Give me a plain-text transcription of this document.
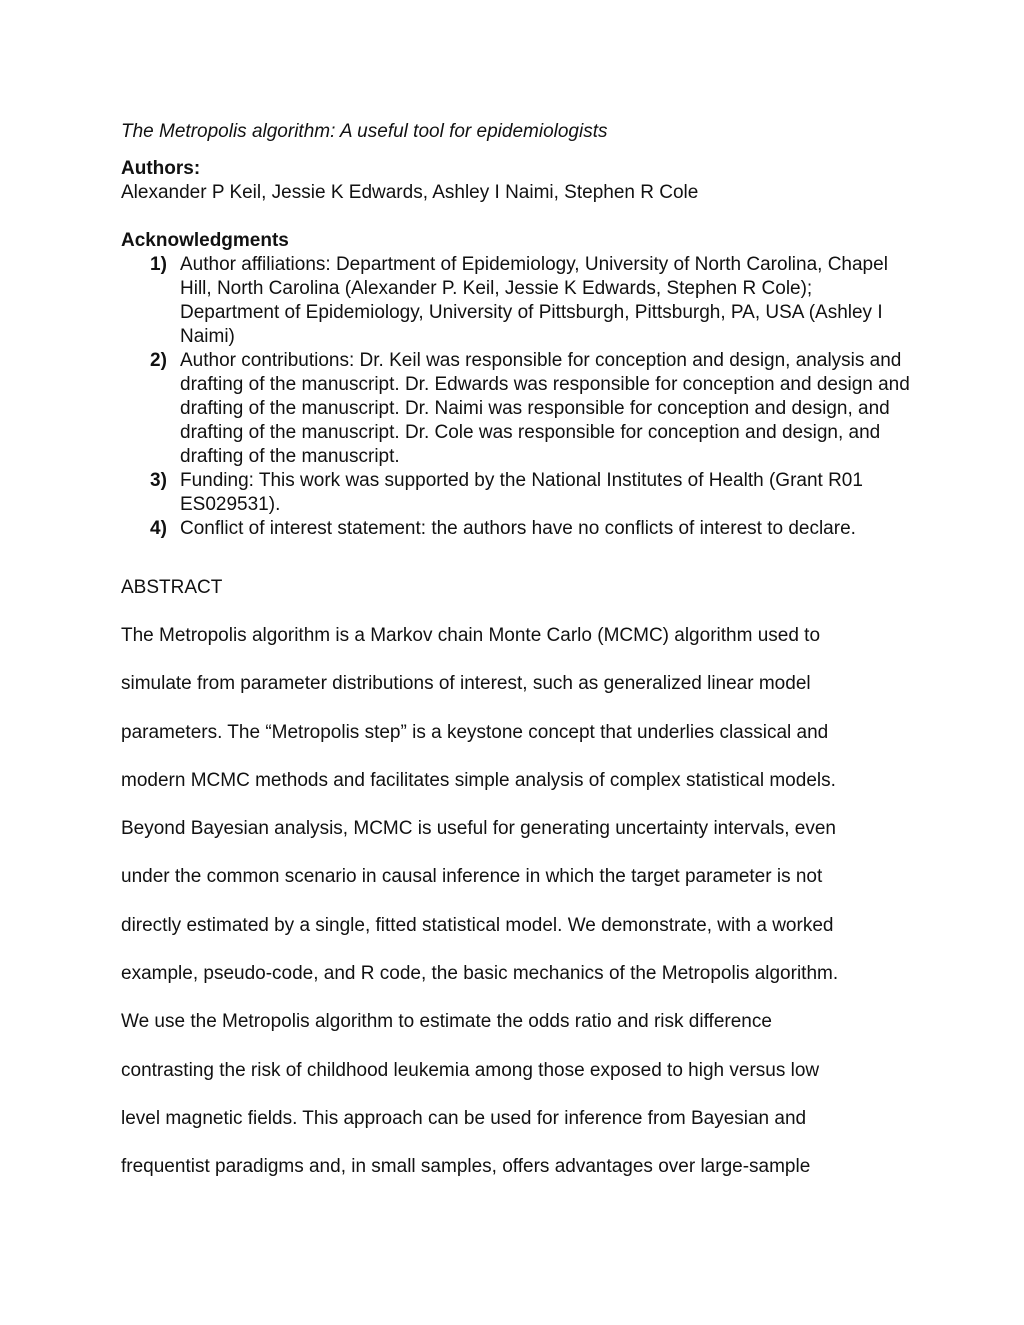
The Metropolis algorithm: A useful tool for epidemiologists

Authors:

Alexander P Keil, Jessie K Edwards, Ashley I Naimi, Stephen R Cole

Acknowledgments

1) Author affiliations: Department of Epidemiology, University of North Carolina, Chapel Hill, North Carolina (Alexander P. Keil, Jessie K Edwards, Stephen R Cole); Department of Epidemiology, University of Pittsburgh, Pittsburgh, PA, USA (Ashley I Naimi)
2) Author contributions: Dr. Keil was responsible for conception and design, analysis and drafting of the manuscript. Dr. Edwards was responsible for conception and design and drafting of the manuscript. Dr. Naimi was responsible for conception and design, and drafting of the manuscript. Dr. Cole was responsible for conception and design, and drafting of the manuscript.
3) Funding: This work was supported by the National Institutes of Health (Grant R01 ES029531).
4) Conflict of interest statement: the authors have no conflicts of interest to declare.

ABSTRACT

The Metropolis algorithm is a Markov chain Monte Carlo (MCMC) algorithm used to
simulate from parameter distributions of interest, such as generalized linear model
parameters. The “Metropolis step” is a keystone concept that underlies classical and
modern MCMC methods and facilitates simple analysis of complex statistical models.
Beyond Bayesian analysis, MCMC is useful for generating uncertainty intervals, even
under the common scenario in causal inference in which the target parameter is not
directly estimated by a single, fitted statistical model. We demonstrate, with a worked
example, pseudo-code, and R code, the basic mechanics of the Metropolis algorithm.
We use the Metropolis algorithm to estimate the odds ratio and risk difference
contrasting the risk of childhood leukemia among those exposed to high versus low
level magnetic fields. This approach can be used for inference from Bayesian and
frequentist paradigms and, in small samples, offers advantages over large-sample
